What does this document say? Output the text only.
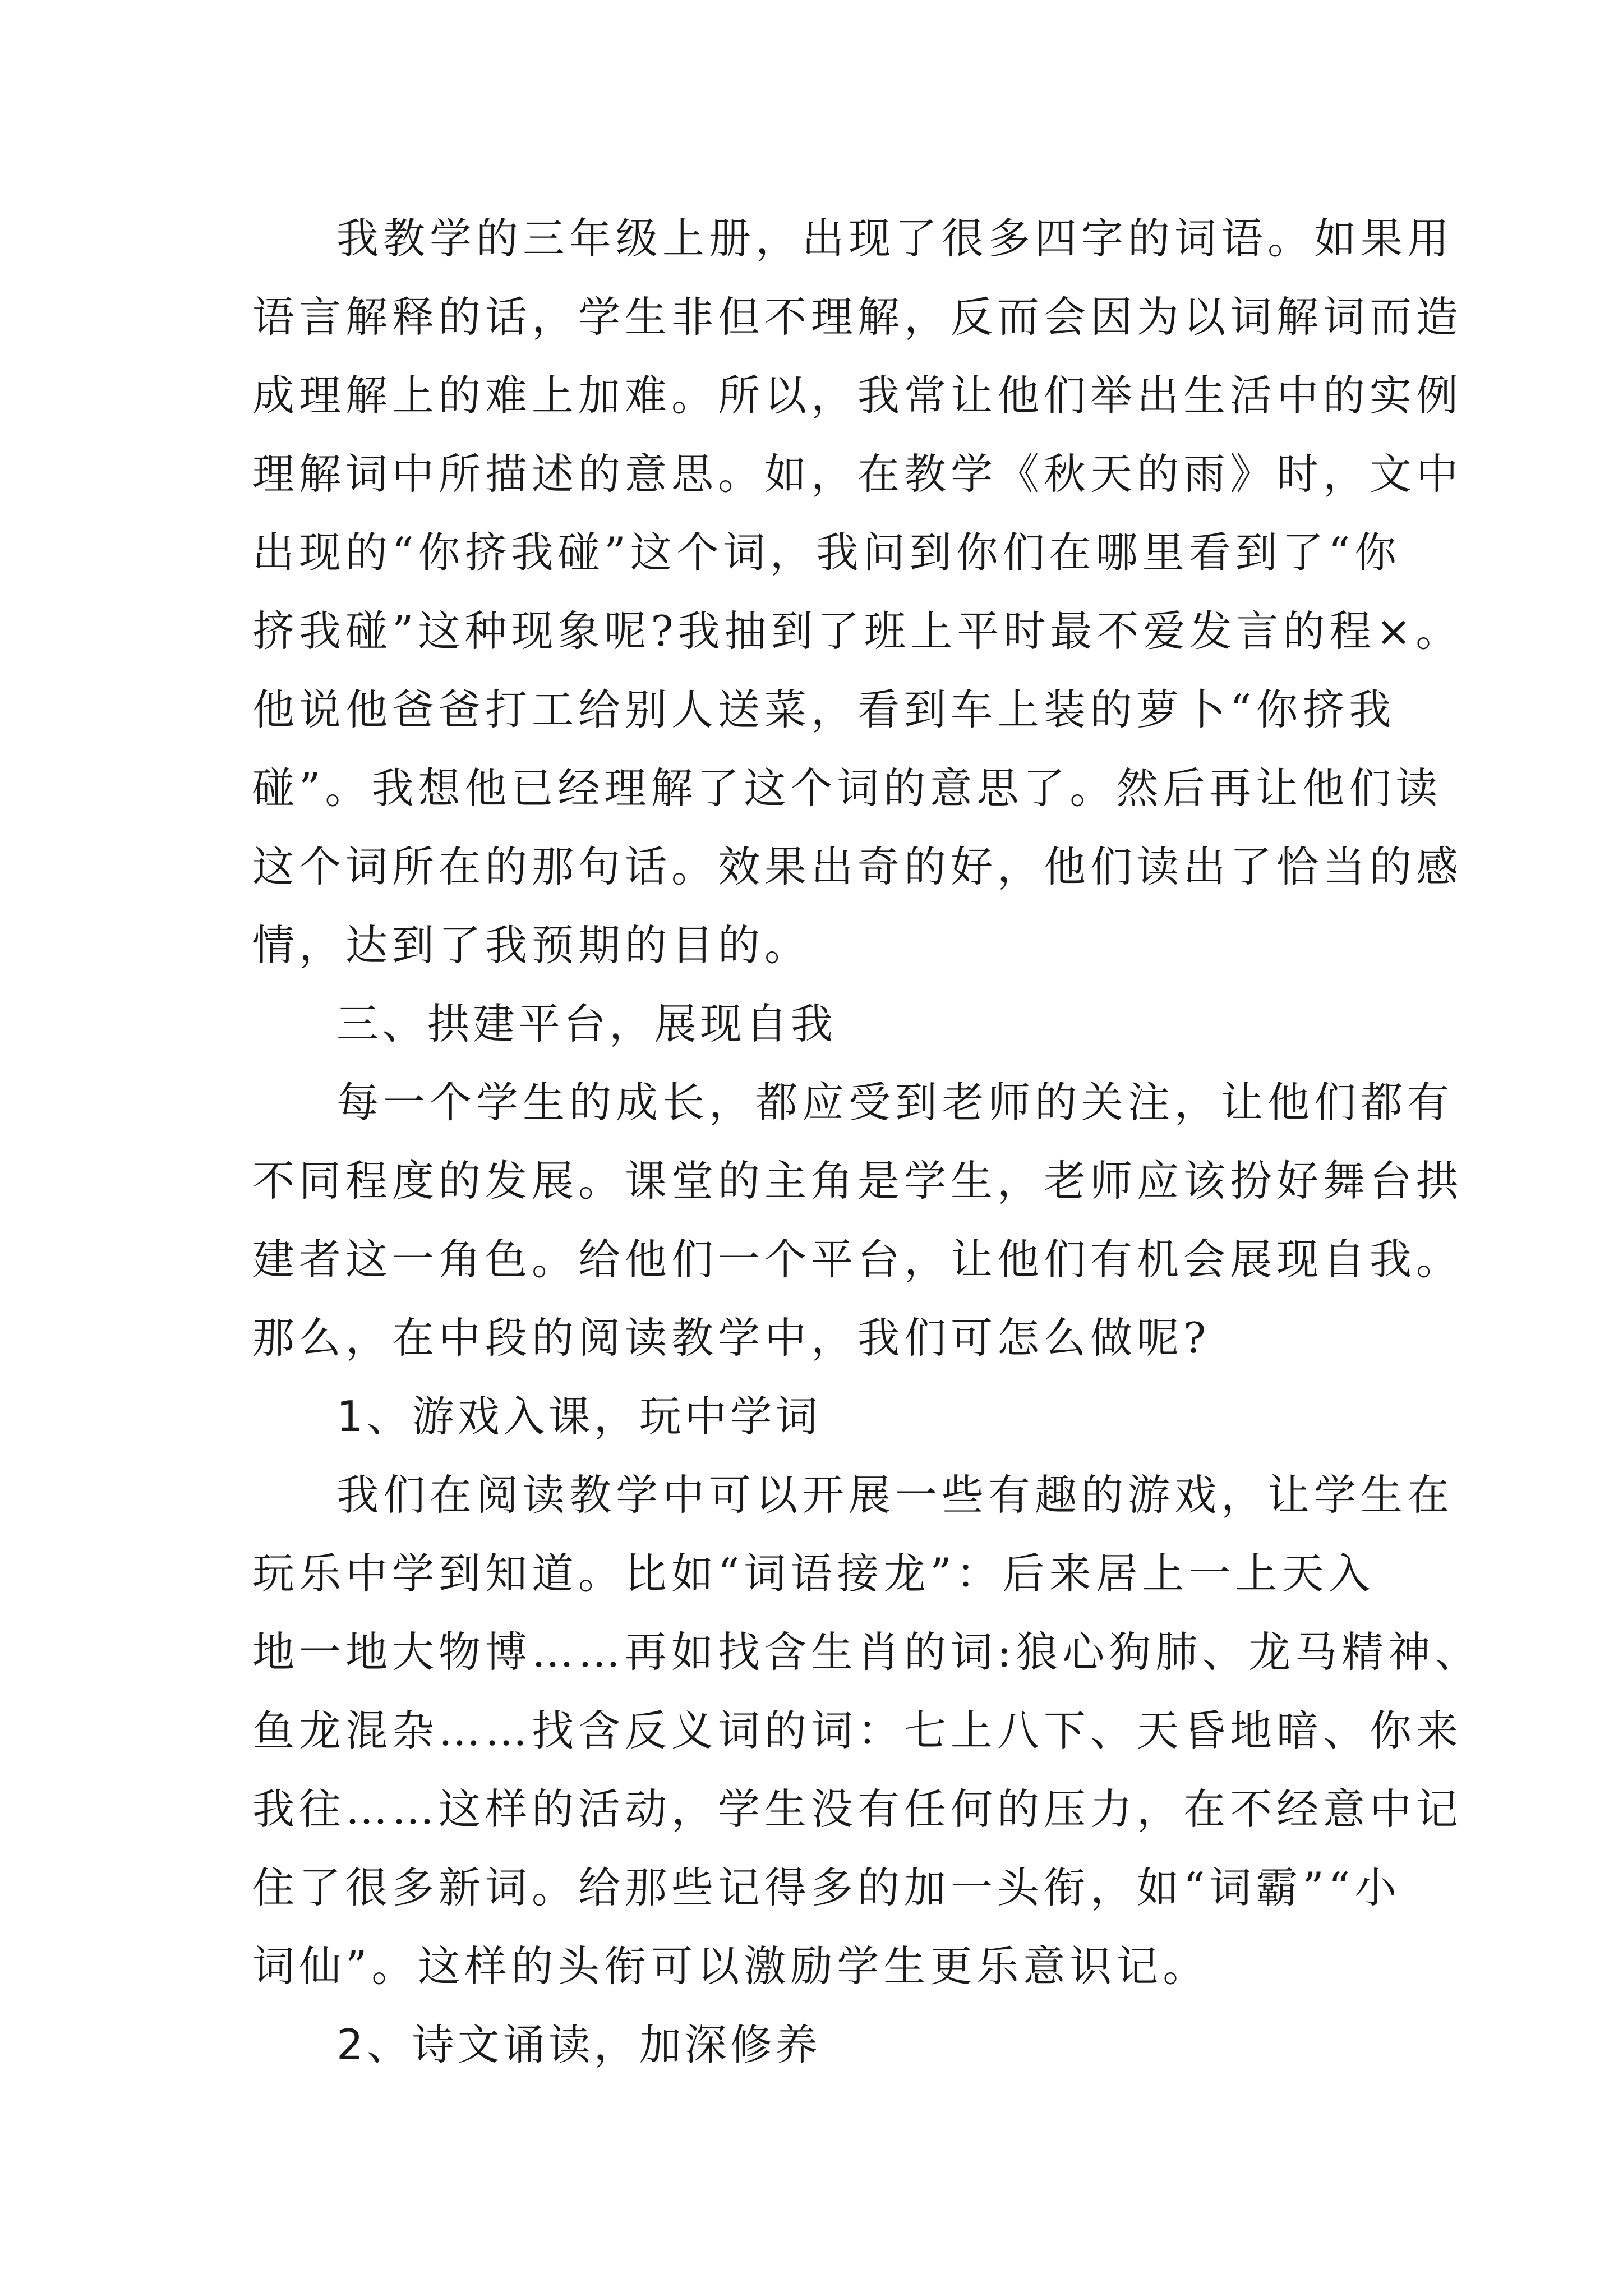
我教学的三年级上册，出现了很多四字的词语。如果用
语言解释的话，学生非但不理解，反而会因为以词解词而造
成理解上的难上加难。所以，我常让他们举出生活中的实例
理解词中所描述的意思。如，在教学《秋天的雨》时，文中
出现的“你挤我碰”这个词，我问到你们在哪里看到了“你
挤我碰”这种现象呢?我抽到了班上平时最不爱发言的程×。
他说他爸爸打工给别人送菜，看到车上装的萝卜“你挤我
碰”。我想他已经理解了这个词的意思了。然后再让他们读
这个词所在的那句话。效果出奇的好，他们读出了恰当的感
情，达到了我预期的目的。
三、拱建平台，展现自我
每一个学生的成长，都应受到老师的关注，让他们都有
不同程度的发展。课堂的主角是学生，老师应该扮好舞台拱
建者这一角色。给他们一个平台，让他们有机会展现自我。
那么，在中段的阅读教学中，我们可怎么做呢?
1、游戏入课，玩中学词
我们在阅读教学中可以开展一些有趣的游戏，让学生在
玩乐中学到知道。比如“词语接龙”：后来居上一上天入
地一地大物博……再如找含生肖的词:狼心狗肺、龙马精神、
鱼龙混杂……找含反义词的词：七上八下、天昏地暗、你来
我往……这样的活动，学生没有任何的压力，在不经意中记
住了很多新词。给那些记得多的加一头衔，如“词霸”“小
词仙”。这样的头衔可以激励学生更乐意识记。
2、诗文诵读，加深修养
